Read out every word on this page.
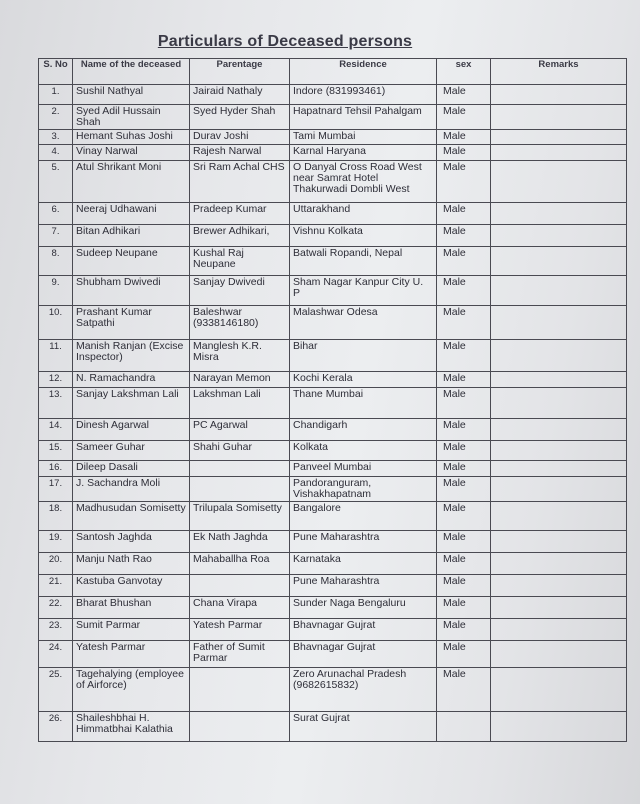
Particulars of Deceased persons
S. No	Name of the deceased	Parentage	Residence	sex	Remarks
1.	Sushil Nathyal	Jairaid Nathaly	Indore (831993461)	Male	
2.	Syed Adil Hussain Shah	Syed Hyder Shah	Hapatnard Tehsil Pahalgam	Male	
3.	Hemant Suhas Joshi	Durav Joshi	Tami Mumbai	Male	
4.	Vinay Narwal	Rajesh Narwal	Karnal Haryana	Male	
5.	Atul Shrikant Moni	Sri Ram Achal CHS	O Danyal Cross Road West near Samrat Hotel Thakurwadi Dombli West	Male	
6.	Neeraj Udhawani	Pradeep Kumar	Uttarakhand	Male	
7.	Bitan Adhikari	Brewer Adhikari,	Vishnu Kolkata	Male	
8.	Sudeep Neupane	Kushal Raj Neupane	Batwali Ropandi, Nepal	Male	
9.	Shubham Dwivedi	Sanjay Dwivedi	Sham Nagar Kanpur City U. P	Male	
10.	Prashant Kumar Satpathi	Baleshwar (9338146180)	Malashwar Odesa	Male	
11.	Manish Ranjan (Excise Inspector)	Manglesh K.R. Misra	Bihar	Male	
12.	N. Ramachandra	Narayan Memon	Kochi Kerala	Male	
13.	Sanjay Lakshman Lali	Lakshman Lali	Thane Mumbai	Male	
14.	Dinesh Agarwal	PC Agarwal	Chandigarh	Male	
15.	Sameer Guhar	Shahi Guhar	Kolkata	Male	
16.	Dileep Dasali		Panveel Mumbai	Male	
17.	J. Sachandra Moli		Pandoranguram, Vishakhapatnam	Male	
18.	Madhusudan Somisetty	Trilupala Somisetty	Bangalore	Male	
19.	Santosh Jaghda	Ek Nath Jaghda	Pune Maharashtra	Male	
20.	Manju Nath Rao	Mahaballha Roa	Karnataka	Male	
21.	Kastuba Ganvotay		Pune Maharashtra	Male	
22.	Bharat Bhushan	Chana Virapa	Sunder Naga Bengaluru	Male	
23.	Sumit Parmar	Yatesh Parmar	Bhavnagar Gujrat	Male	
24.	Yatesh Parmar	Father of Sumit Parmar	Bhavnagar Gujrat	Male	
25.	Tagehalying (employee of Airforce)		Zero Arunachal Pradesh (9682615832)	Male	
26.	Shaileshbhai H. Himmatbhai Kalathia		Surat Gujrat		
